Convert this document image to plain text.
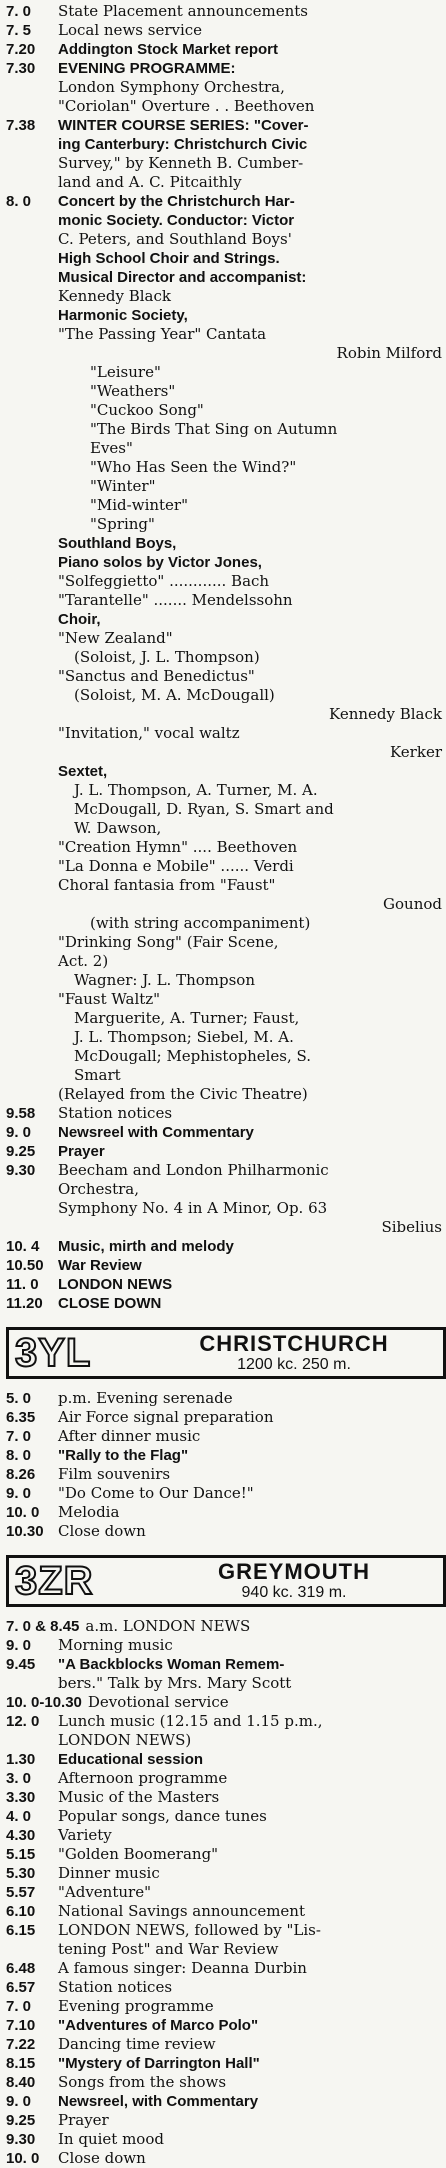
7. 0	State Placement announcements
7. 5	Local news service
7.20	Addington Stock Market report
7.30	EVENING PROGRAMME:
London Symphony Orchestra,
"Coriolan" Overture . . Beethoven
7.38	WINTER COURSE SERIES: "Cover-
ing Canterbury: Christchurch Civic
Survey," by Kenneth B. Cumber-
land and A. C. Pitcaithly
8. 0	Concert by the Christchurch Har-
monic Society. Conductor: Victor
C. Peters, and Southland Boys'
High School Choir and Strings.
Musical Director and accompanist:
Kennedy Black
Harmonic Society,
"The Passing Year" Cantata
Robin Milford
"Leisure"
"Weathers"
"Cuckoo Song"
"The Birds That Sing on Autumn
Eves"
"Who Has Seen the Wind?"
"Winter"
"Mid-winter"
"Spring"
Southland Boys,
Piano solos by Victor Jones,
"Solfeggietto" ............ Bach
"Tarantelle" ....... Mendelssohn
Choir,
"New Zealand"
(Soloist, J. L. Thompson)
"Sanctus and Benedictus"
(Soloist, M. A. McDougall)
Kennedy Black
"Invitation," vocal waltz
Kerker
Sextet,
J. L. Thompson, A. Turner, M. A.
McDougall, D. Ryan, S. Smart and
W. Dawson,
"Creation Hymn" .... Beethoven
"La Donna e Mobile" ...... Verdi
Choral fantasia from "Faust"
Gounod
(with string accompaniment)
"Drinking Song" (Fair Scene,
Act. 2)
Wagner: J. L. Thompson
"Faust Waltz"
Marguerite, A. Turner; Faust,
J. L. Thompson; Siebel, M. A.
McDougall; Mephistopheles, S.
Smart
(Relayed from the Civic Theatre)
9.58	Station notices
9. 0	Newsreel with Commentary
9.25	Prayer
9.30	Beecham and London Philharmonic
Orchestra,
Symphony No. 4 in A Minor, Op. 63
Sibelius
10. 4	Music, mirth and melody
10.50 War Review
11. 0	LONDON NEWS
11.20	CLOSE DOWN
3YL	CHRISTCHURCH
1200 kc. 250 m.
5. 0	p.m. Evening serenade
6.35	Air Force signal preparation
7. 0	After dinner music
8. 0	"Rally to the Flag"
8.26	Film souvenirs
9. 0	"Do Come to Our Dance!"
10. 0	Melodia
10.30 Close down
3ZR	GREYMOUTH
940 kc. 319 m.
7. 0 & 8.45 a.m. LONDON NEWS
9. 0	Morning music
9.45	"A Backblocks Woman Remem-
bers." Talk by Mrs. Mary Scott
10. 0-10.30 Devotional service
12. 0	Lunch music (12.15 and 1.15 p.m.,
LONDON NEWS)
1.30	Educational session
3. 0	Afternoon programme
3.30	Music of the Masters
4. 0	Popular songs, dance tunes
4.30	Variety
5.15	"Golden Boomerang"
5.30	Dinner music
5.57	"Adventure"
6.10	National Savings announcement
6.15	LONDON NEWS, followed by "Lis-
tening Post" and War Review
6.48	A famous singer: Deanna Durbin
6.57	Station notices
7. 0	Evening programme
7.10	"Adventures of Marco Polo"
7.22	Dancing time review
8.15	"Mystery of Darrington Hall"
8.40	Songs from the shows
9. 0	Newsreel, with Commentary
9.25	Prayer
9.30	In quiet mood
10. 0	Close down
